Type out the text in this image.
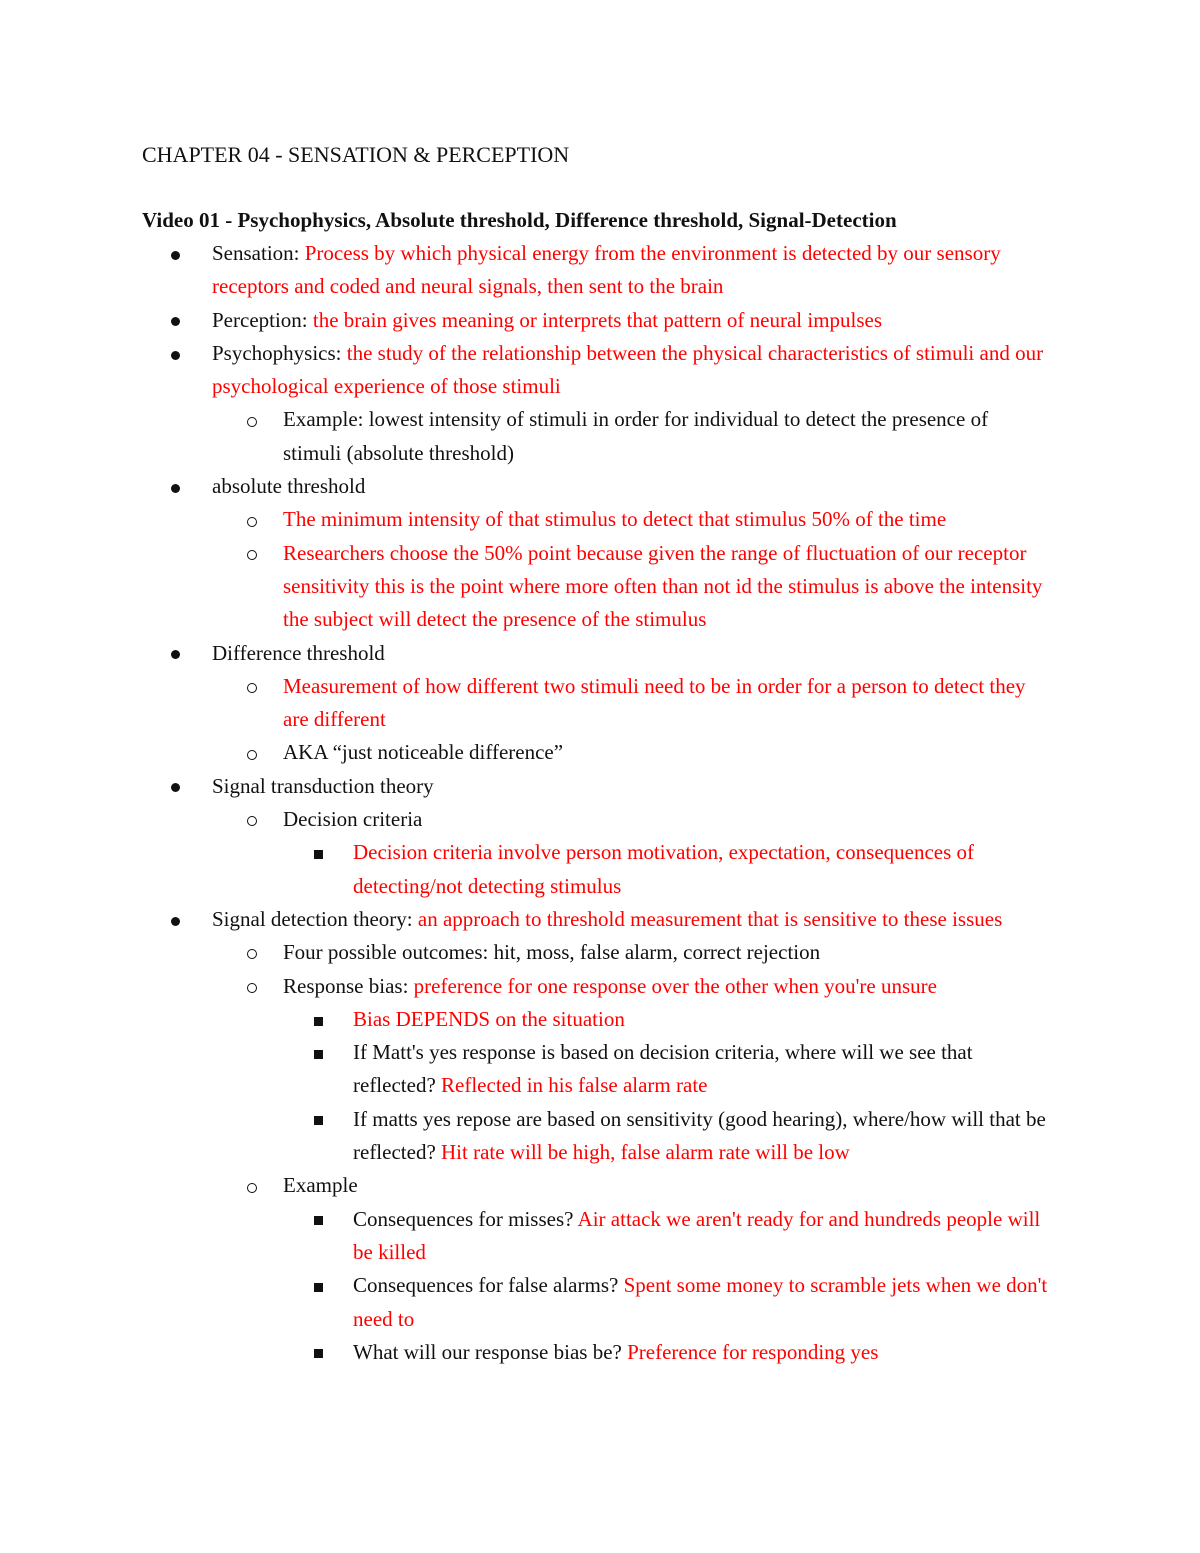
CHAPTER 04 - SENSATION & PERCEPTION
Video 01 - Psychophysics, Absolute threshold, Difference threshold, Signal-Detection
Sensation: Process by which physical energy from the environment is detected by our sensory receptors and coded and neural signals, then sent to the brain
Perception: the brain gives meaning or interprets that pattern of neural impulses
Psychophysics: the study of the relationship between the physical characteristics of stimuli and our psychological experience of those stimuli
Example: lowest intensity of stimuli in order for individual to detect the presence of stimuli (absolute threshold)
absolute threshold
The minimum intensity of that stimulus to detect that stimulus 50% of the time
Researchers choose the 50% point because given the range of fluctuation of our receptor sensitivity this is the point where more often than not id the stimulus is above the intensity the subject will detect the presence of the stimulus
Difference threshold
Measurement of how different two stimuli need to be in order for a person to detect they are different
AKA “just noticeable difference”
Signal transduction theory
Decision criteria
Decision criteria involve person motivation, expectation, consequences of detecting/not detecting stimulus
Signal detection theory: an approach to threshold measurement that is sensitive to these issues
Four possible outcomes: hit, moss, false alarm, correct rejection
Response bias: preference for one response over the other when you're unsure
Bias DEPENDS on the situation
If Matt's yes response is based on decision criteria, where will we see that reflected? Reflected in his false alarm rate
If matts yes repose are based on sensitivity (good hearing), where/how will that be reflected? Hit rate will be high, false alarm rate will be low
Example
Consequences for misses? Air attack we aren't ready for and hundreds people will be killed
Consequences for false alarms? Spent some money to scramble jets when we don't need to
What will our response bias be? Preference for responding yes
